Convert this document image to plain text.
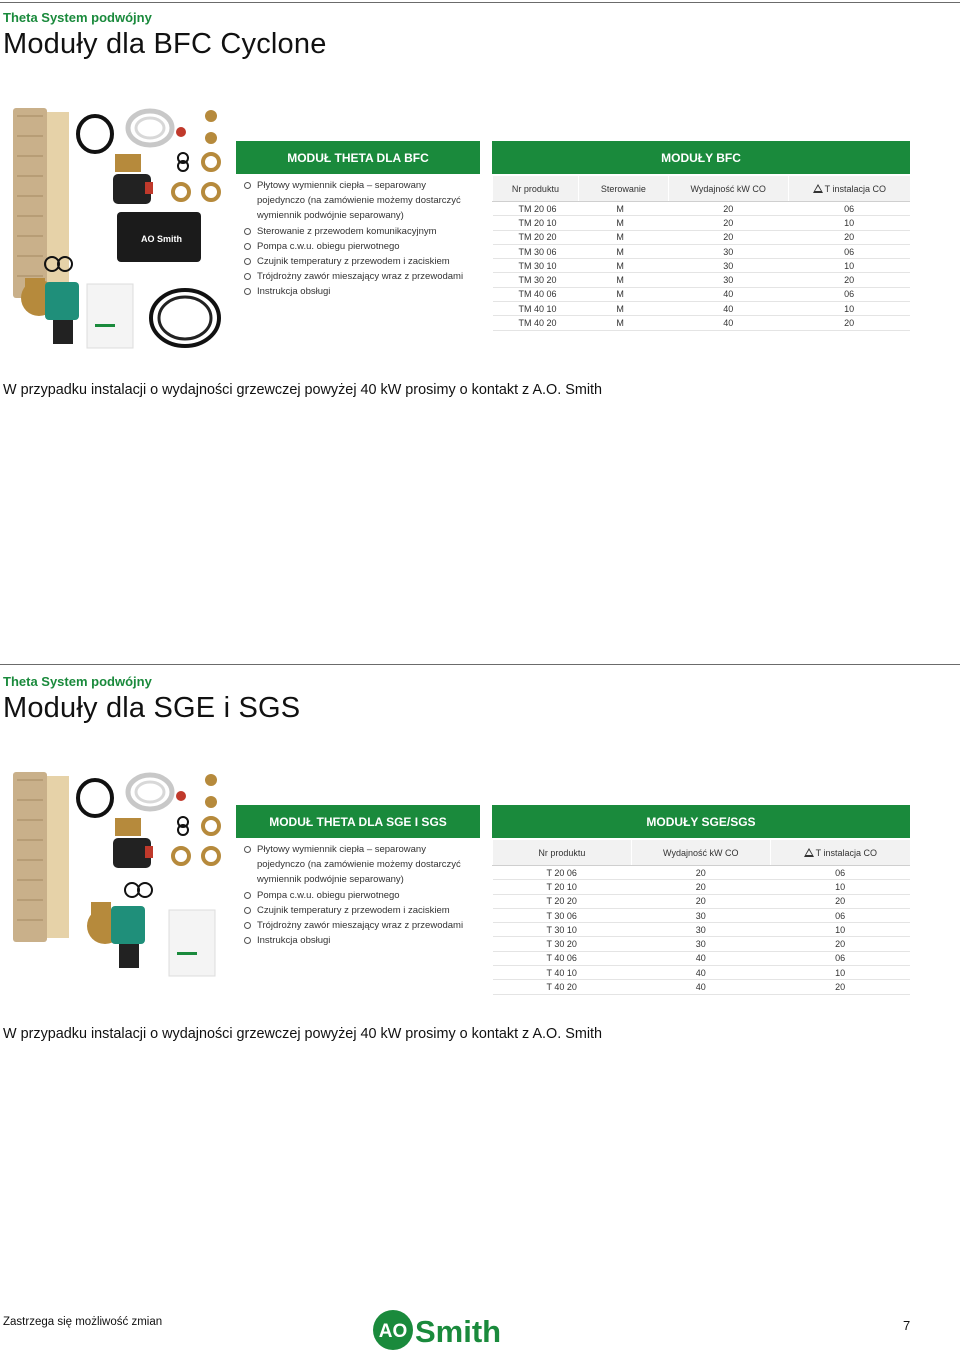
Theta System podwójny
Moduły dla BFC Cyclone
AO Smith
MODUŁ THETA DLA BFC
Płytowy wymiennik ciepła – separowany pojedynczo (na zamówienie możemy dostarczyć wymiennik podwójnie separowany)
Sterowanie z przewodem komunikacyjnym
Pompa c.w.u. obiegu pierwotnego
Czujnik temperatury z przewodem i zaciskiem
Trójdrożny zawór mieszający wraz z przewodami
Instrukcja obsługi
MODUŁY BFC
Nr produktu	Sterowanie	Wydajność kW CO	T instalacja CO
TM 20 06	M	20	06
TM 20 10	M	20	10
TM 20 20	M	20	20
TM 30 06	M	30	06
TM 30 10	M	30	10
TM 30 20	M	30	20
TM 40 06	M	40	06
TM 40 10	M	40	10
TM 40 20	M	40	20
W przypadku instalacji o wydajności grzewczej powyżej 40 kW prosimy o kontakt z A.O. Smith
Theta System podwójny
Moduły dla SGE i SGS
MODUŁ THETA DLA SGE I SGS
Płytowy wymiennik ciepła – separowany pojedynczo (na zamówienie możemy dostarczyć wymiennik podwójnie separowany)
Pompa c.w.u. obiegu pierwotnego
Czujnik temperatury z przewodem i zaciskiem
Trójdrożny zawór mieszający wraz z przewodami
Instrukcja obsługi
MODUŁY SGE/SGS
Nr produktu	Wydajność kW CO	T instalacja CO
T 20 06	20	06
T 20 10	20	10
T 20 20	20	20
T 30 06	30	06
T 30 10	30	10
T 30 20	30	20
T 40 06	40	06
T 40 10	40	10
T 40 20	40	20
W przypadku instalacji o wydajności grzewczej powyżej 40 kW prosimy o kontakt z A.O. Smith
Zastrzega się możliwość zmian	AO Smith	7
